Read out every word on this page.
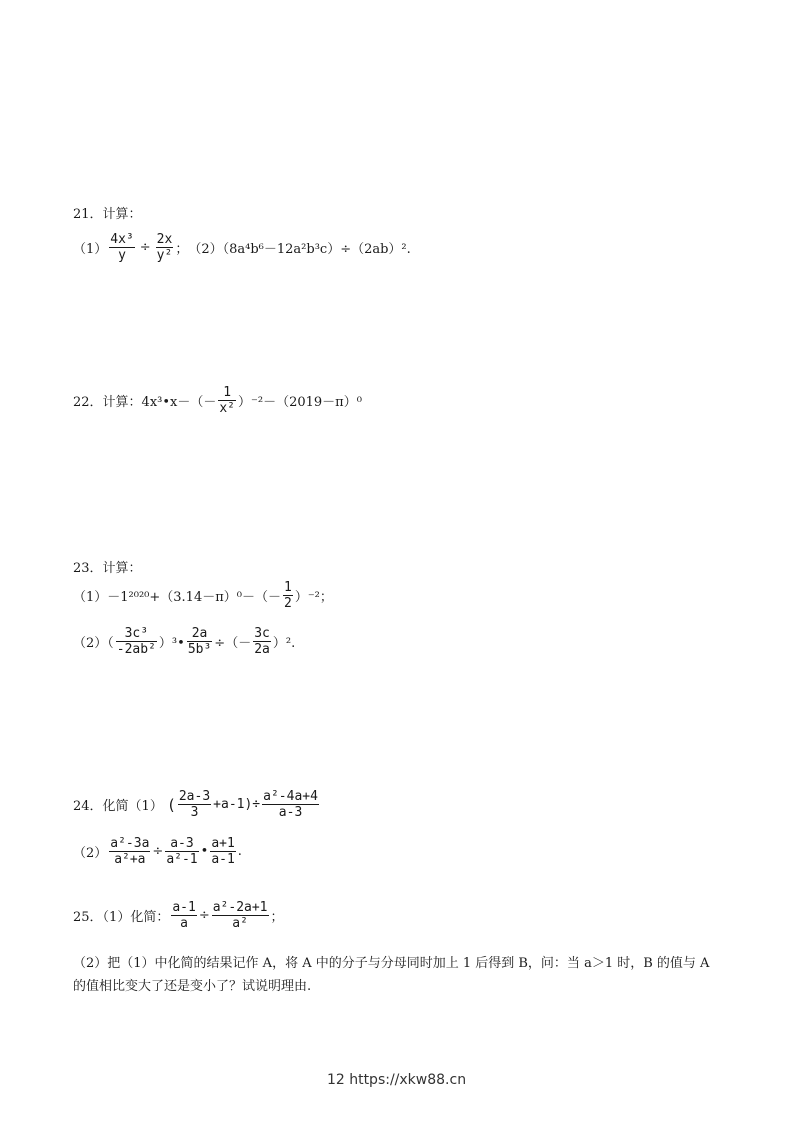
21．计算：
$(1) \frac{\text{4x³}}{y} \div \frac{2x}{\text{y²}}$ ； （2）（8a⁴b⁶－12a²b³c）÷（2ab）².
22．计算：4x³•x－（－ $\frac{1}{\text{x²}} )^{-2}-(2019-\pi)^0$
23．计算：
$(1)-1^{2020}+(3.14-\pi)^0-(- \frac{1}{2} )^{-2}$；
$(2)( \frac{\text{3c³}}{\text{-2ab²}}$ ）³• $\frac{2a}{\text{5b³}}$ ÷（－ $\frac{3c}{2a} )^2$.
24．化简（1） ( $\frac{2a-3}{3} +a-1)\div \frac{\text{a²-4a+4}}{a-3}$
$(2) \frac{\text{a²-3a}}{\text{a²+a}} \div \frac{a-3}{\text{a²-1}}$ • $\frac{a+1}{a-1}$ .
25．（1）化简： $\frac{a-1}{a} \div \frac{\text{a²-2a+1}}{\text{a²}}$ ；
（2）把（1）中化简的结果记作 A，将 A 中的分子与分母同时加上 1 后得到 B，问：当 a＞1 时，B 的值与 A
的值相比变大了还是变小了？试说明理由.
12 https://xkw88.cn
